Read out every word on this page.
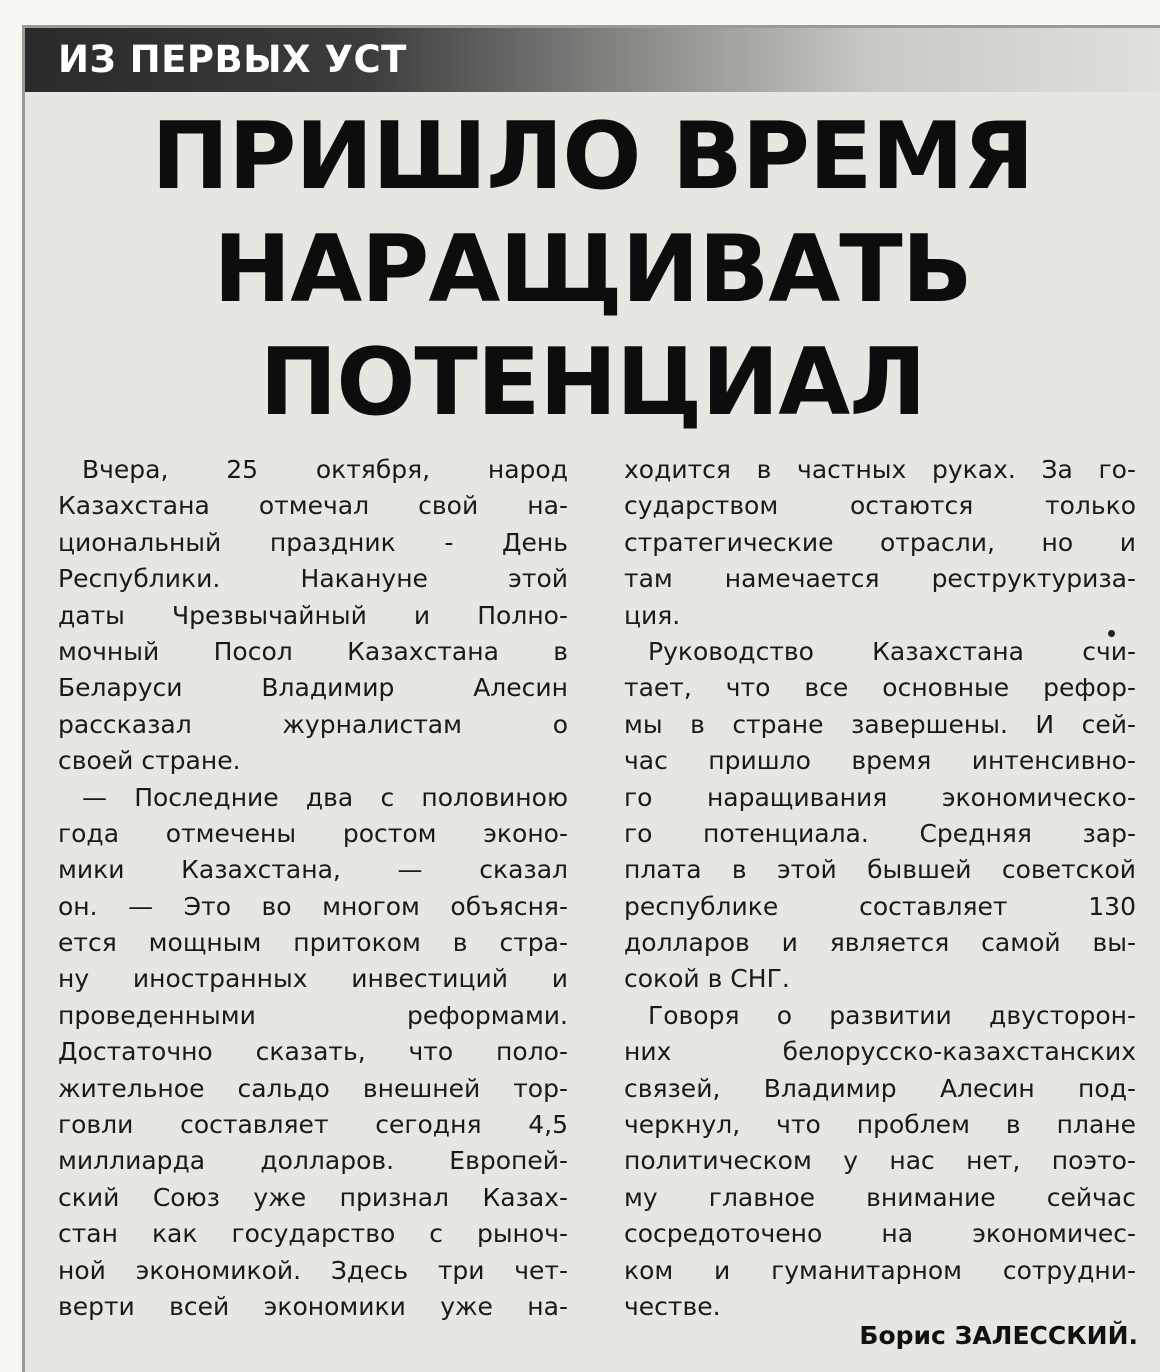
ИЗ ПЕРВЫХ УСТ
ПРИШЛО ВРЕМЯ
НАРАЩИВАТЬ
ПОТЕНЦИАЛ
Вчера, 25 октября, народ
Казахстана отмечал свой на-
циональный праздник - День
Республики. Накануне этой
даты Чрезвычайный и Полно-
мочный Посол Казахстана в
Беларуси Владимир Алесин
рассказал журналистам о
своей стране.
— Последние два с половиною
года отмечены ростом эконо-
мики Казахстана, — сказал
он. — Это во многом объясня-
ется мощным притоком в стра-
ну иностранных инвестиций и
проведенными реформами.
Достаточно сказать, что поло-
жительное сальдо внешней тор-
говли составляет сегодня 4,5
миллиарда долларов. Европей-
ский Союз уже признал Казах-
стан как государство с рыноч-
ной экономикой. Здесь три чет-
верти всей экономики уже на-
ходится в частных руках. За го-
сударством остаются только
стратегические отрасли, но и
там намечается реструктуриза-
ция.
Руководство Казахстана счи-
тает, что все основные рефор-
мы в стране завершены. И сей-
час пришло время интенсивно-
го наращивания экономическо-
го потенциала. Средняя зар-
плата в этой бывшей советской
республике составляет 130
долларов и является самой вы-
сокой в СНГ.
Говоря о развитии двусторон-
них белорусско-казахстанских
связей, Владимир Алесин под-
черкнул, что проблем в плане
политическом у нас нет, поэто-
му главное внимание сейчас
сосредоточено на экономичес-
ком и гуманитарном сотрудни-
честве.
Борис ЗАЛЕССКИЙ.
